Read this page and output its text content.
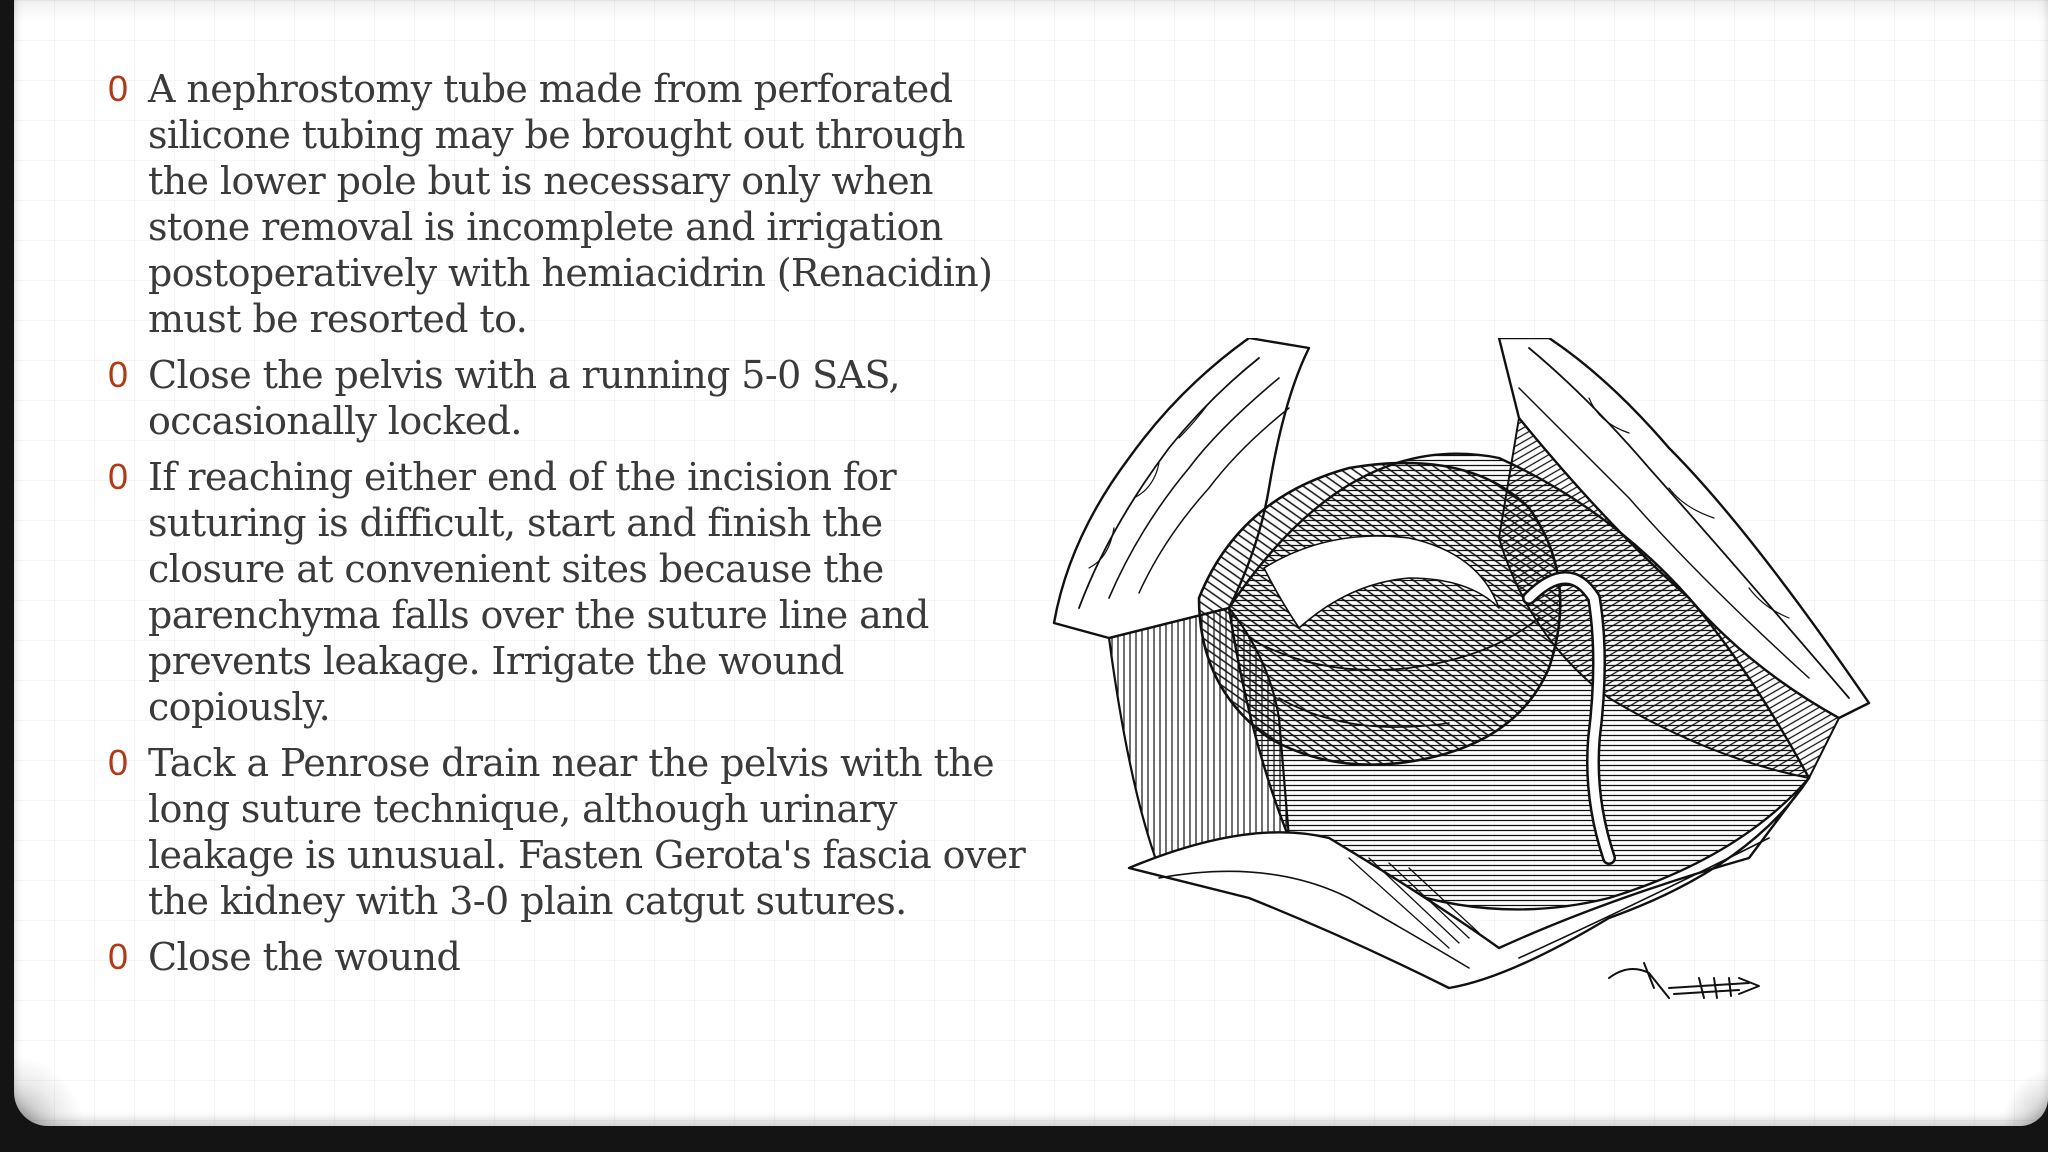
0 A nephrostomy tube made from perforated silicone tubing may be brought out through the lower pole but is necessary only when stone removal is incomplete and irrigation postoperatively with hemiacidrin (Renacidin) must be resorted to.
0 Close the pelvis with a running 5-0 SAS, occasionally locked.
0 If reaching either end of the incision for suturing is difficult, start and finish the closure at convenient sites because the parenchyma falls over the suture line and prevents leakage. Irrigate the wound copiously.
0 Tack a Penrose drain near the pelvis with the long suture technique, although urinary leakage is unusual. Fasten Gerota's fascia over the kidney with 3-0 plain catgut sutures.
0 Close the wound
